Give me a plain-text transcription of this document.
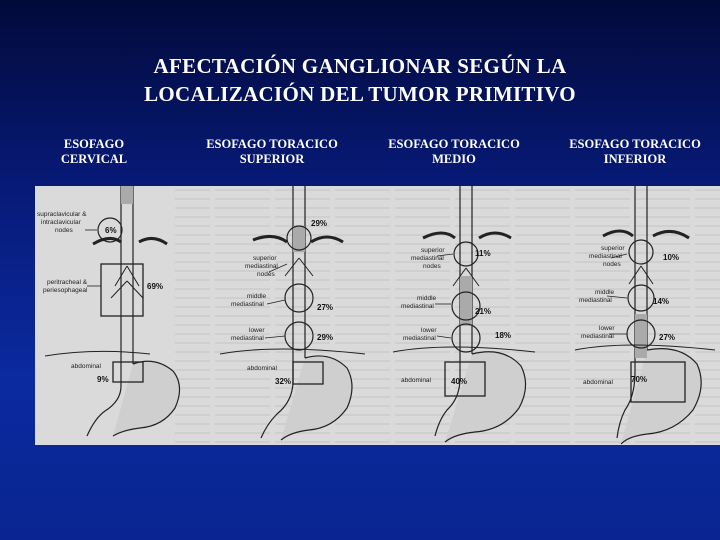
AFECTACIÓN GANGLIONAR SEGÚN LA
LOCALIZACIÓN DEL TUMOR PRIMITIVO
ESOFAGO
CERVICAL
ESOFAGO TORACICO
SUPERIOR
ESOFAGO TORACICO
MEDIO
ESOFAGO TORACICO
INFERIOR
supraclavicular &
intraclavicular
nodes
peritracheal &
periesophageal
abdominal
6%
69%
9%
superior
mediastinal
nodes
middle
mediastinal
lower
mediastinal
abdominal
29%
27%
29%
32%
superior
mediastinal
nodes
middle
mediastinal
lower
mediastinal
abdominal
11%
21%
18%
40%
superior
mediastinal
nodes
middle
mediastinal
lower
mediastinal
abdominal
10%
14%
27%
70%
